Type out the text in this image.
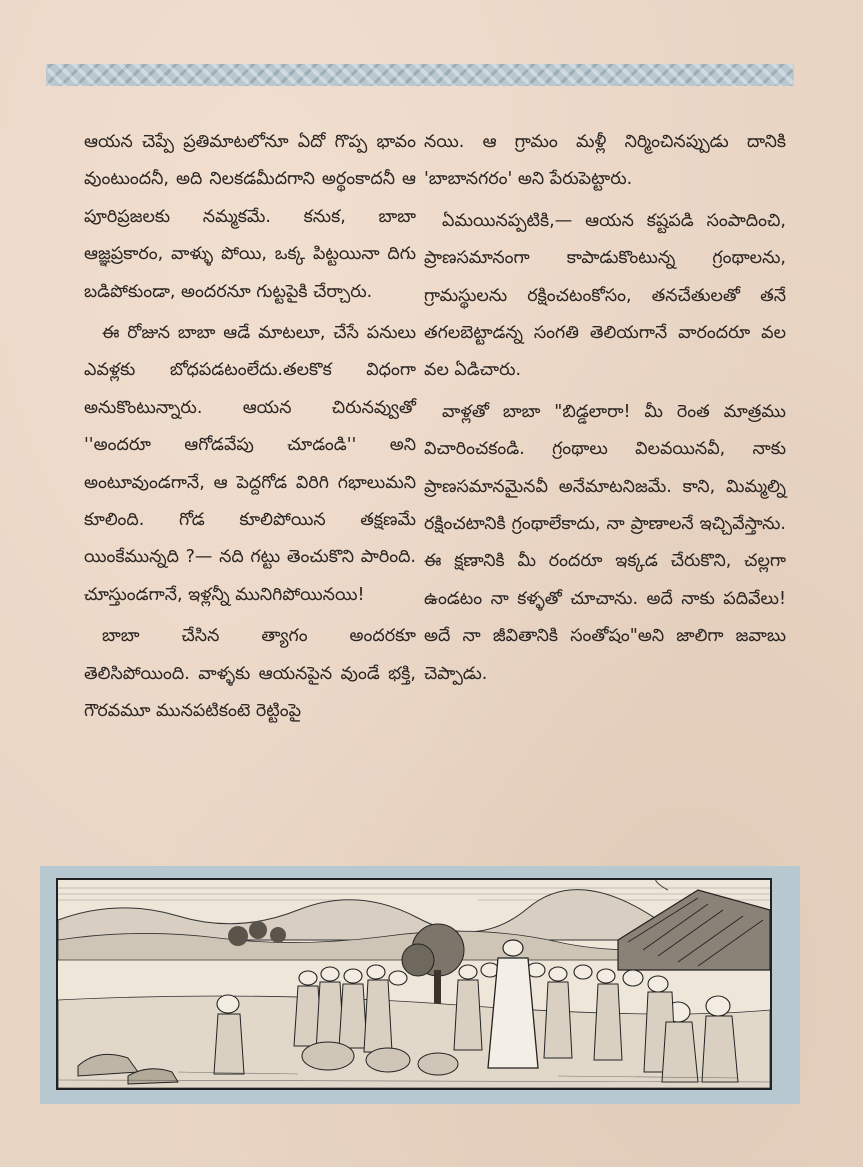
ఆయన చెప్పే ప్రతిమాటలోనూ ఏదో గొప్ప భావం వుంటుందనీ, అది నిలకడమీదగాని అర్థంకాదనీ ఆ పూరిప్రజలకు నమ్మకమే. కనుక, బాబా ఆజ్ఞప్రకారం, వాళ్ళు పోయి, ఒక్క పిట్టయినా దిగు బడిపోకుండా, అందరనూ గుట్టపైకి చేర్చారు.

ఈ రోజున బాబా ఆడే మాటలూ, చేసే పనులు ఎవళ్లకు బోధపడటంలేదు.తలకొక విధంగా అనుకొంటున్నారు. ఆయన చిరునవ్వుతో ''అందరూ ఆగోడవేపు చూడండి'' అని అంటూవుండగానే, ఆ పెద్దగోడ విరిగి గభాలుమని కూలింది. గోడ కూలిపోయిన తక్షణమే యింకేమున్నది ?— నది గట్టు తెంచుకొని పారింది. చూస్తుండగానే, ఇళ్లన్నీ మునిగిపోయినయి!

బాబా చేసిన త్యాగం అందరకూ తెలిసిపోయింది. వాళ్ళకు ఆయనపైన వుండే భక్తి, గౌరవమూ మునపటికంటె రెట్టింపై

నయి. ఆ గ్రామం మళ్లీ నిర్మించినప్పుడు దానికి 'బాబానగరం' అని పేరుపెట్టారు.

ఏమయినప్పటికి,— ఆయన కష్టపడి సంపాదించి, ప్రాణసమానంగా కాపాడుకొంటున్న గ్రంథాలను, గ్రామస్థులను రక్షించటంకోసం, తనచేతులతో తనే తగలబెట్టాడన్న సంగతి తెలియగానే వారందరూ వల వల ఏడిచారు.

వాళ్లతో బాబా "బిడ్డలారా! మీ రెంత మాత్రము విచారించకండి. గ్రంథాలు విలవయినవీ, నాకు ప్రాణసమానమైనవీ అనేమాటనిజమే. కాని, మిమ్మల్ని రక్షించటానికి గ్రంథాలేకాదు, నా ప్రాణాలనే ఇచ్చివేస్తాను. ఈ క్షణానికి మీ రందరూ ఇక్కడ చేరుకొని, చల్లగా ఉండటం నా కళ్ళతో చూచాను. అదే నాకు పదివేలు! అదే నా జీవితానికి సంతోషం"అని జాలిగా జవాబు చెప్పాడు.
